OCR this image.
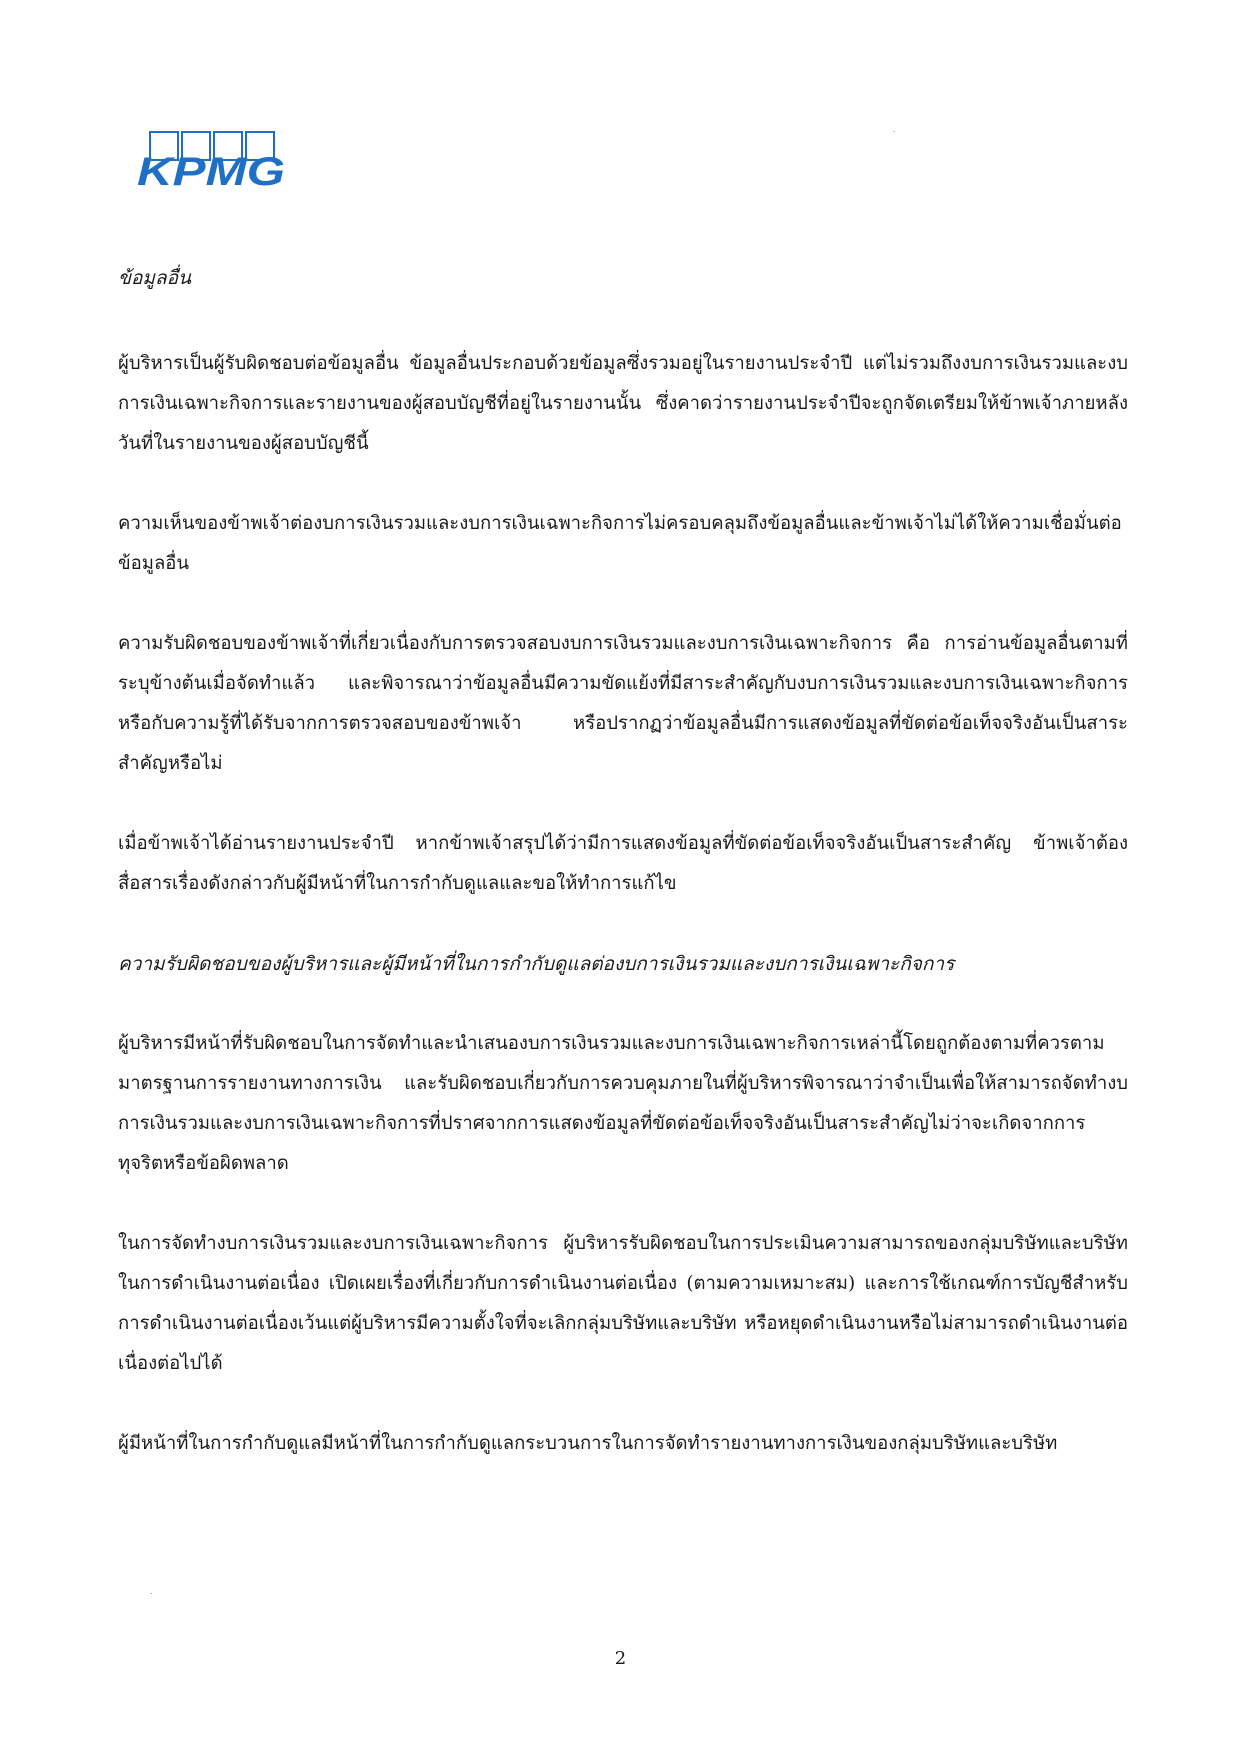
KPMG

ข้อมูลอื่น

ผู้บริหารเป็นผู้รับผิดชอบต่อข้อมูลอื่น ข้อมูลอื่นประกอบด้วยข้อมูลซึ่งรวมอยู่ในรายงานประจำปี แต่ไม่รวมถึงงบการเงินรวมและงบการเงินเฉพาะกิจการและรายงานของผู้สอบบัญชีที่อยู่ในรายงานนั้น ซึ่งคาดว่ารายงานประจำปีจะถูกจัดเตรียมให้ข้าพเจ้าภายหลังวันที่ในรายงานของผู้สอบบัญชีนี้

ความเห็นของข้าพเจ้าต่องบการเงินรวมและงบการเงินเฉพาะกิจการไม่ครอบคลุมถึงข้อมูลอื่นและข้าพเจ้าไม่ได้ให้ความเชื่อมั่นต่อข้อมูลอื่น

ความรับผิดชอบของข้าพเจ้าที่เกี่ยวเนื่องกับการตรวจสอบงบการเงินรวมและงบการเงินเฉพาะกิจการ คือ การอ่านข้อมูลอื่นตามที่ระบุข้างต้นเมื่อจัดทำแล้ว และพิจารณาว่าข้อมูลอื่นมีความขัดแย้งที่มีสาระสำคัญกับงบการเงินรวมและงบการเงินเฉพาะกิจการหรือกับความรู้ที่ได้รับจากการตรวจสอบของข้าพเจ้า หรือปรากฏว่าข้อมูลอื่นมีการแสดงข้อมูลที่ขัดต่อข้อเท็จจริงอันเป็นสาระสำคัญหรือไม่

เมื่อข้าพเจ้าได้อ่านรายงานประจำปี หากข้าพเจ้าสรุปได้ว่ามีการแสดงข้อมูลที่ขัดต่อข้อเท็จจริงอันเป็นสาระสำคัญ ข้าพเจ้าต้องสื่อสารเรื่องดังกล่าวกับผู้มีหน้าที่ในการกำกับดูแลและขอให้ทำการแก้ไข

ความรับผิดชอบของผู้บริหารและผู้มีหน้าที่ในการกำกับดูแลต่องบการเงินรวมและงบการเงินเฉพาะกิจการ

ผู้บริหารมีหน้าที่รับผิดชอบในการจัดทำและนำเสนองบการเงินรวมและงบการเงินเฉพาะกิจการเหล่านี้โดยถูกต้องตามที่ควรตามมาตรฐานการรายงานทางการเงิน และรับผิดชอบเกี่ยวกับการควบคุมภายในที่ผู้บริหารพิจารณาว่าจำเป็นเพื่อให้สามารถจัดทำงบการเงินรวมและงบการเงินเฉพาะกิจการที่ปราศจากการแสดงข้อมูลที่ขัดต่อข้อเท็จจริงอันเป็นสาระสำคัญไม่ว่าจะเกิดจากการทุจริตหรือข้อผิดพลาด

ในการจัดทำงบการเงินรวมและงบการเงินเฉพาะกิจการ ผู้บริหารรับผิดชอบในการประเมินความสามารถของกลุ่มบริษัทและบริษัทในการดำเนินงานต่อเนื่อง เปิดเผยเรื่องที่เกี่ยวกับการดำเนินงานต่อเนื่อง (ตามความเหมาะสม) และการใช้เกณฑ์การบัญชีสำหรับการดำเนินงานต่อเนื่องเว้นแต่ผู้บริหารมีความตั้งใจที่จะเลิกกลุ่มบริษัทและบริษัท หรือหยุดดำเนินงานหรือไม่สามารถดำเนินงานต่อเนื่องต่อไปได้

ผู้มีหน้าที่ในการกำกับดูแลมีหน้าที่ในการกำกับดูแลกระบวนการในการจัดทำรายงานทางการเงินของกลุ่มบริษัทและบริษัท

2
